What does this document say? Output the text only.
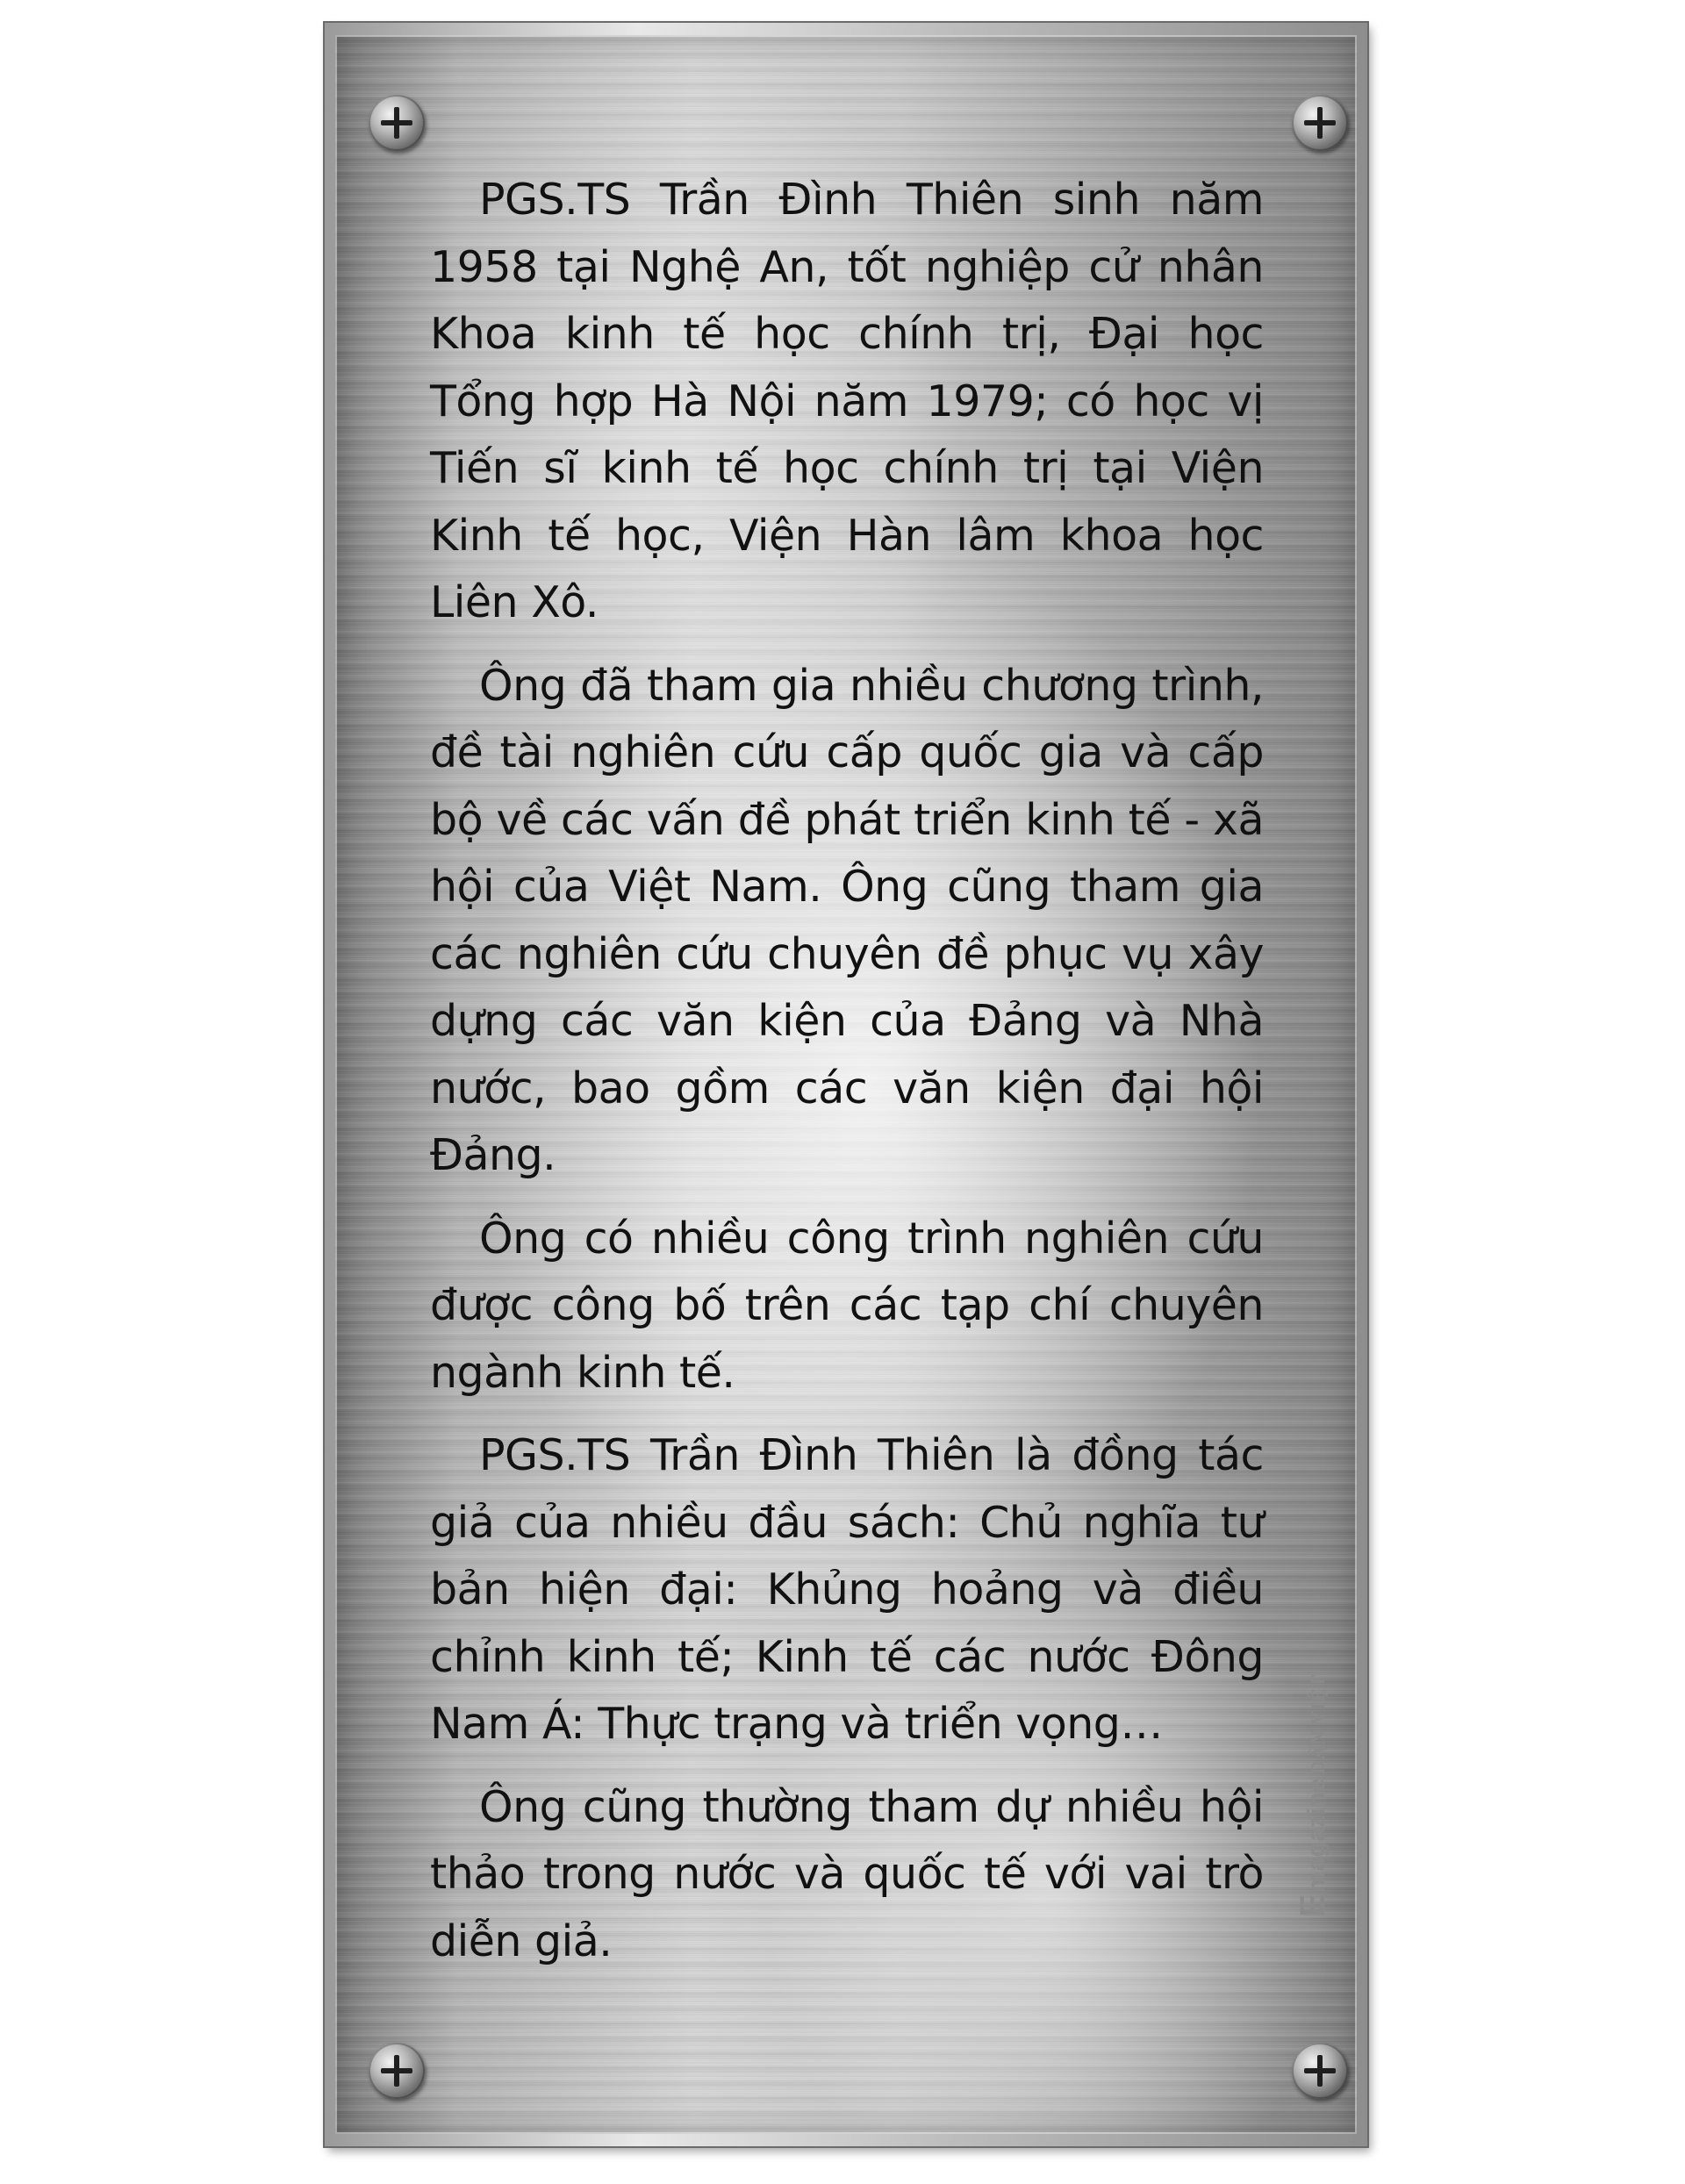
PGS.TS Trần Đình Thiên sinh năm 1958 tại Nghệ An, tốt nghiệp cử nhân Khoa kinh tế học chính trị, Đại học Tổng hợp Hà Nội năm 1979; có học vị Tiến sĩ kinh tế học chính trị tại Viện Kinh tế học, Viện Hàn lâm khoa học Liên Xô.

Ông đã tham gia nhiều chương trình, đề tài nghiên cứu cấp quốc gia và cấp bộ về các vấn đề phát triển kinh tế - xã hội của Việt Nam. Ông cũng tham gia các nghiên cứu chuyên đề phục vụ xây dựng các văn kiện của Đảng và Nhà nước, bao gồm các văn kiện đại hội Đảng.

Ông có nhiều công trình nghiên cứu được công bố trên các tạp chí chuyên ngành kinh tế.

PGS.TS Trần Đình Thiên là đồng tác giả của nhiều đầu sách: Chủ nghĩa tư bản hiện đại: Khủng hoảng và điều chỉnh kinh tế; Kinh tế các nước Đông Nam Á: Thực trạng và triển vọng…

Ông cũng thường tham dự nhiều hội thảo trong nước và quốc tế với vai trò diễn giả.

EmagazineDÂN VIỆT
